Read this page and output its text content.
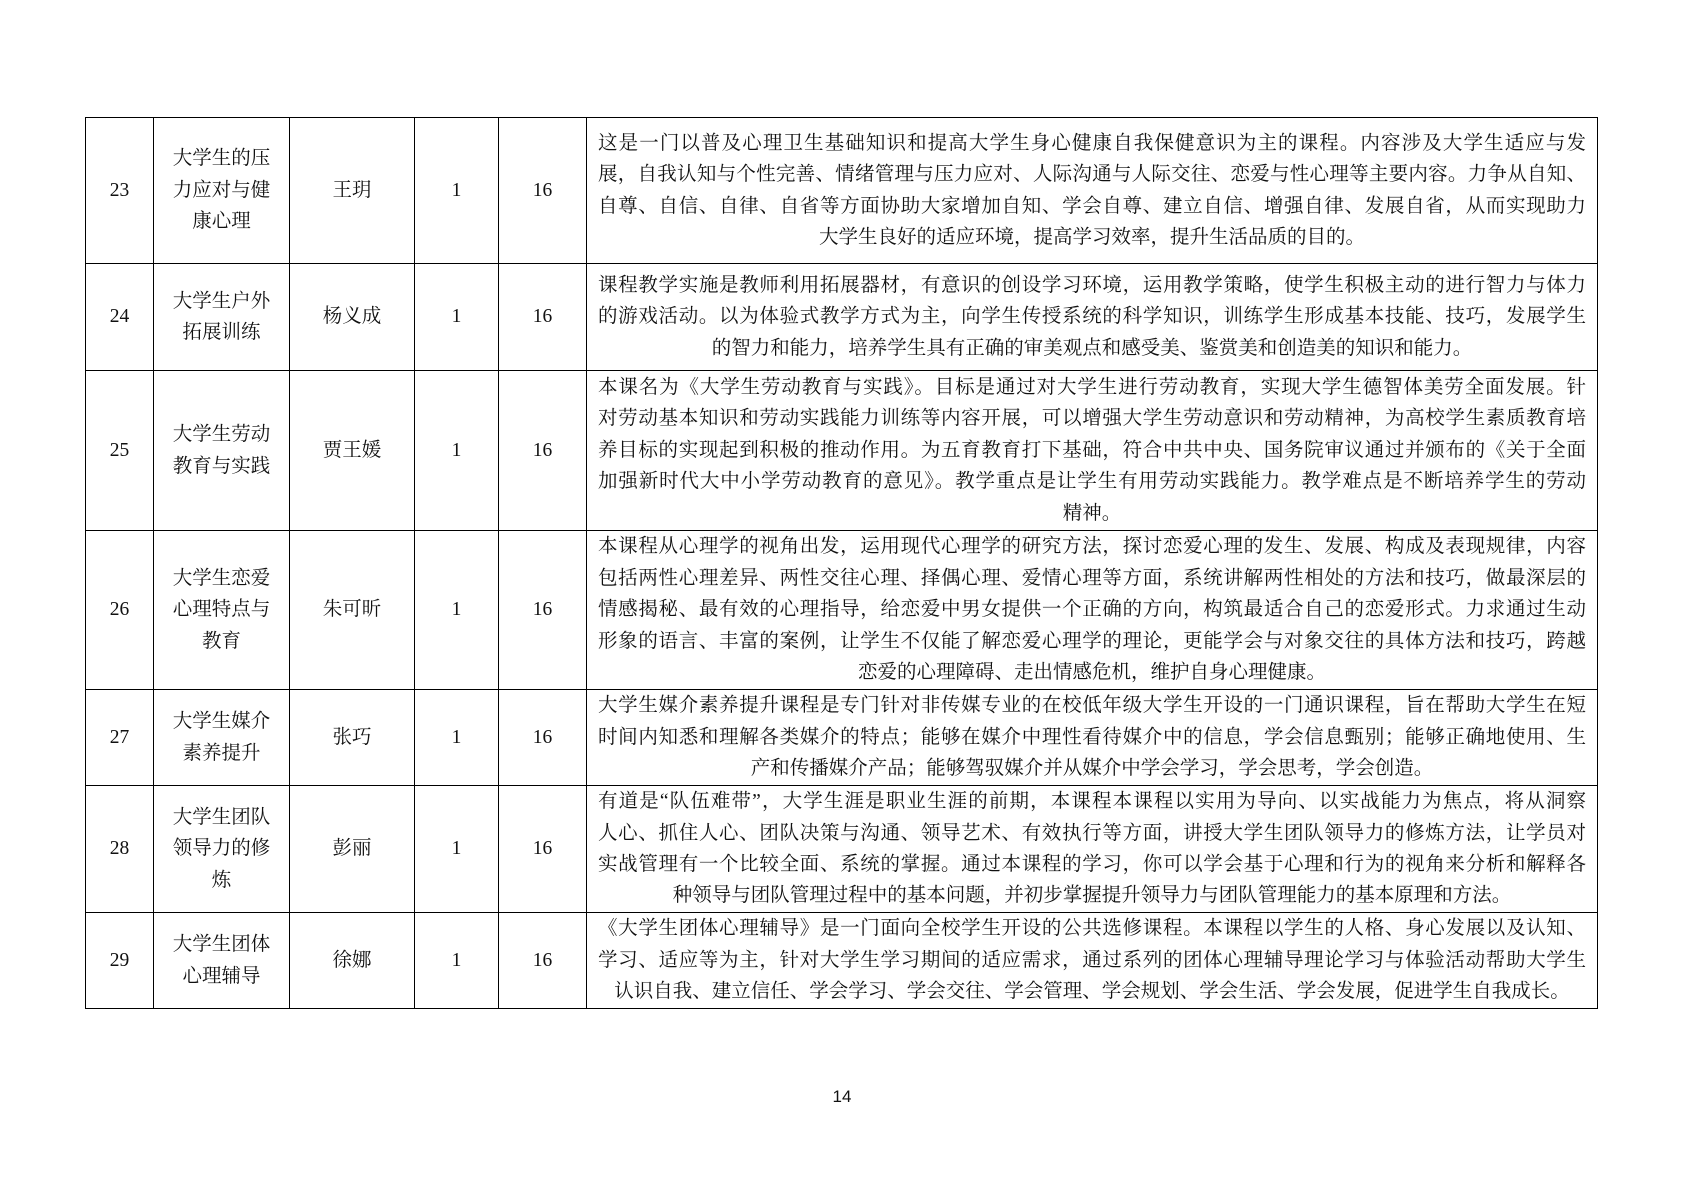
23	大学生的压力应对与健康心理	王玥	1	16	这是一门以普及心理卫生基础知识和提高大学生身心健康自我保健意识为主的课程。内容涉及大学生适应与发
展，自我认知与个性完善、情绪管理与压力应对、人际沟通与人际交往、恋爱与性心理等主要内容。力争从自知、
自尊、自信、自律、自省等方面协助大家增加自知、学会自尊、建立自信、增强自律、发展自省，从而实现助力
大学生良好的适应环境，提高学习效率，提升生活品质的目的。

24	大学生户外拓展训练	杨义成	1	16	课程教学实施是教师利用拓展器材，有意识的创设学习环境，运用教学策略，使学生积极主动的进行智力与体力
的游戏活动。以为体验式教学方式为主，向学生传授系统的科学知识，训练学生形成基本技能、技巧，发展学生
的智力和能力，培养学生具有正确的审美观点和感受美、鉴赏美和创造美的知识和能力。

25	大学生劳动教育与实践	贾王媛	1	16	本课名为《大学生劳动教育与实践》。目标是通过对大学生进行劳动教育，实现大学生德智体美劳全面发展。针
对劳动基本知识和劳动实践能力训练等内容开展，可以增强大学生劳动意识和劳动精神，为高校学生素质教育培
养目标的实现起到积极的推动作用。为五育教育打下基础，符合中共中央、国务院审议通过并颁布的《关于全面
加强新时代大中小学劳动教育的意见》。教学重点是让学生有用劳动实践能力。教学难点是不断培养学生的劳动
精神。

26	大学生恋爱心理特点与教育	朱可昕	1	16	本课程从心理学的视角出发，运用现代心理学的研究方法，探讨恋爱心理的发生、发展、构成及表现规律，内容
包括两性心理差异、两性交往心理、择偶心理、爱情心理等方面，系统讲解两性相处的方法和技巧，做最深层的
情感揭秘、最有效的心理指导，给恋爱中男女提供一个正确的方向，构筑最适合自己的恋爱形式。力求通过生动
形象的语言、丰富的案例，让学生不仅能了解恋爱心理学的理论，更能学会与对象交往的具体方法和技巧，跨越
恋爱的心理障碍、走出情感危机，维护自身心理健康。

27	大学生媒介素养提升	张巧	1	16	大学生媒介素养提升课程是专门针对非传媒专业的在校低年级大学生开设的一门通识课程，旨在帮助大学生在短
时间内知悉和理解各类媒介的特点；能够在媒介中理性看待媒介中的信息，学会信息甄别；能够正确地使用、生
产和传播媒介产品；能够驾驭媒介并从媒介中学会学习，学会思考，学会创造。

28	大学生团队领导力的修炼	彭丽	1	16	有道是“队伍难带”，大学生涯是职业生涯的前期，本课程本课程以实用为导向、以实战能力为焦点，将从洞察
人心、抓住人心、团队决策与沟通、领导艺术、有效执行等方面，讲授大学生团队领导力的修炼方法，让学员对
实战管理有一个比较全面、系统的掌握。通过本课程的学习，你可以学会基于心理和行为的视角来分析和解释各
种领导与团队管理过程中的基本问题，并初步掌握提升领导力与团队管理能力的基本原理和方法。

29	大学生团体心理辅导	徐娜	1	16	《大学生团体心理辅导》是一门面向全校学生开设的公共选修课程。本课程以学生的人格、身心发展以及认知、
学习、适应等为主，针对大学生学习期间的适应需求，通过系列的团体心理辅导理论学习与体验活动帮助大学生
认识自我、建立信任、学会学习、学会交往、学会管理、学会规划、学会生活、学会发展，促进学生自我成长。
14
